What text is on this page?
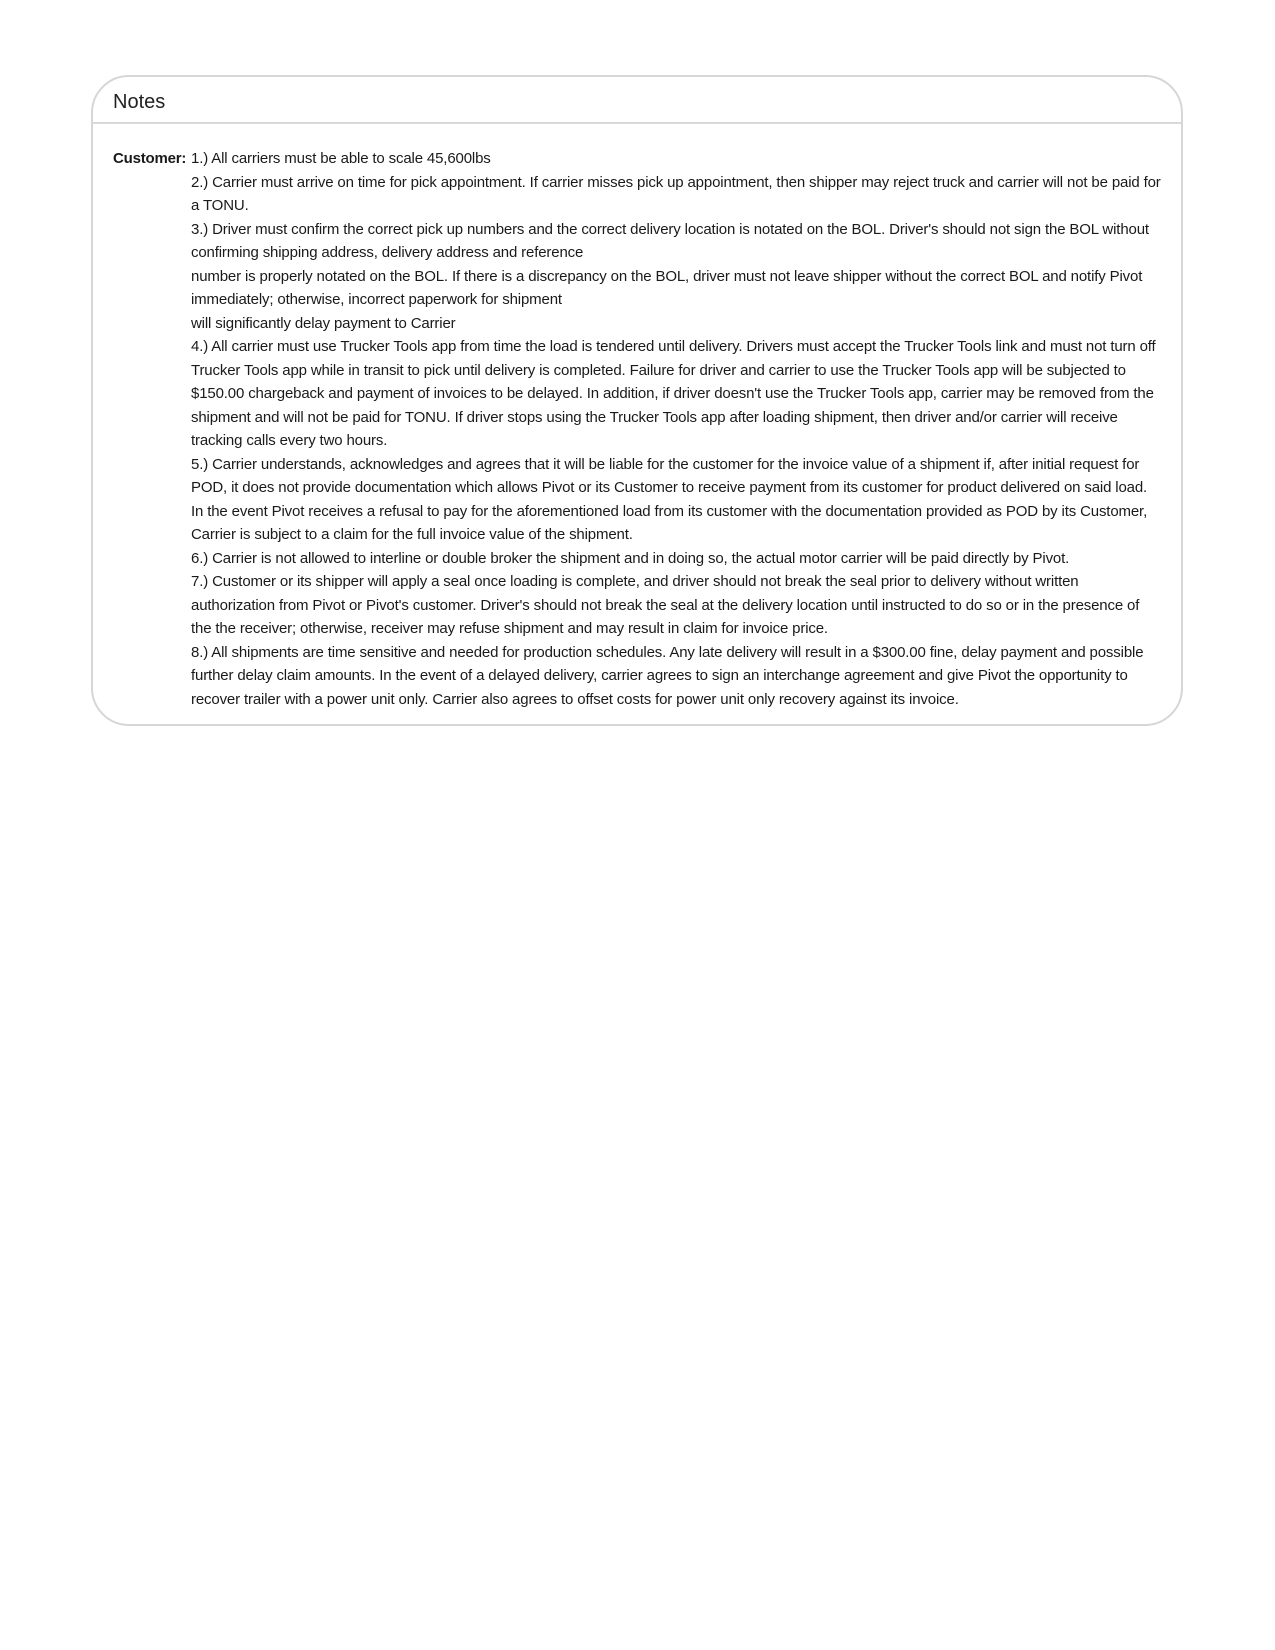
Notes
Customer: 1.) All carriers must be able to scale 45,600lbs
2.) Carrier must arrive on time for pick appointment. If carrier misses pick up appointment, then shipper may reject truck and carrier will not be paid for a TONU.
3.) Driver must confirm the correct pick up numbers and the correct delivery location is notated on the BOL. Driver's should not sign the BOL without confirming shipping address, delivery address and reference
number is properly notated on the BOL. If there is a discrepancy on the BOL, driver must not leave shipper without the correct BOL and notify Pivot immediately; otherwise, incorrect paperwork for shipment
will significantly delay payment to Carrier
4.) All carrier must use Trucker Tools app from time the load is tendered until delivery. Drivers must accept the Trucker Tools link and must not turn off Trucker Tools app while in transit to pick until delivery is completed. Failure for driver and carrier to use the Trucker Tools app will be subjected to $150.00 chargeback and payment of invoices to be delayed. In addition, if driver doesn't use the Trucker Tools app, carrier may be removed from the shipment and will not be paid for TONU. If driver stops using the Trucker Tools app after loading shipment, then driver and/or carrier will receive tracking calls every two hours.
5.) Carrier understands, acknowledges and agrees that it will be liable for the customer for the invoice value of a shipment if, after initial request for POD, it does not provide documentation which allows Pivot or its Customer to receive payment from its customer for product delivered on said load. In the event Pivot receives a refusal to pay for the aforementioned load from its customer with the documentation provided as POD by its Customer, Carrier is subject to a claim for the full invoice value of the shipment.
6.) Carrier is not allowed to interline or double broker the shipment and in doing so, the actual motor carrier will be paid directly by Pivot.
7.) Customer or its shipper will apply a seal once loading is complete, and driver should not break the seal prior to delivery without written authorization from Pivot or Pivot's customer. Driver's should not break the seal at the delivery location until instructed to do so or in the presence of the the receiver; otherwise, receiver may refuse shipment and may result in claim for invoice price.
8.) All shipments are time sensitive and needed for production schedules. Any late delivery will result in a $300.00 fine, delay payment and possible further delay claim amounts. In the event of a delayed delivery, carrier agrees to sign an interchange agreement and give Pivot the opportunity to recover trailer with a power unit only. Carrier also agrees to offset costs for power unit only recovery against its invoice.
